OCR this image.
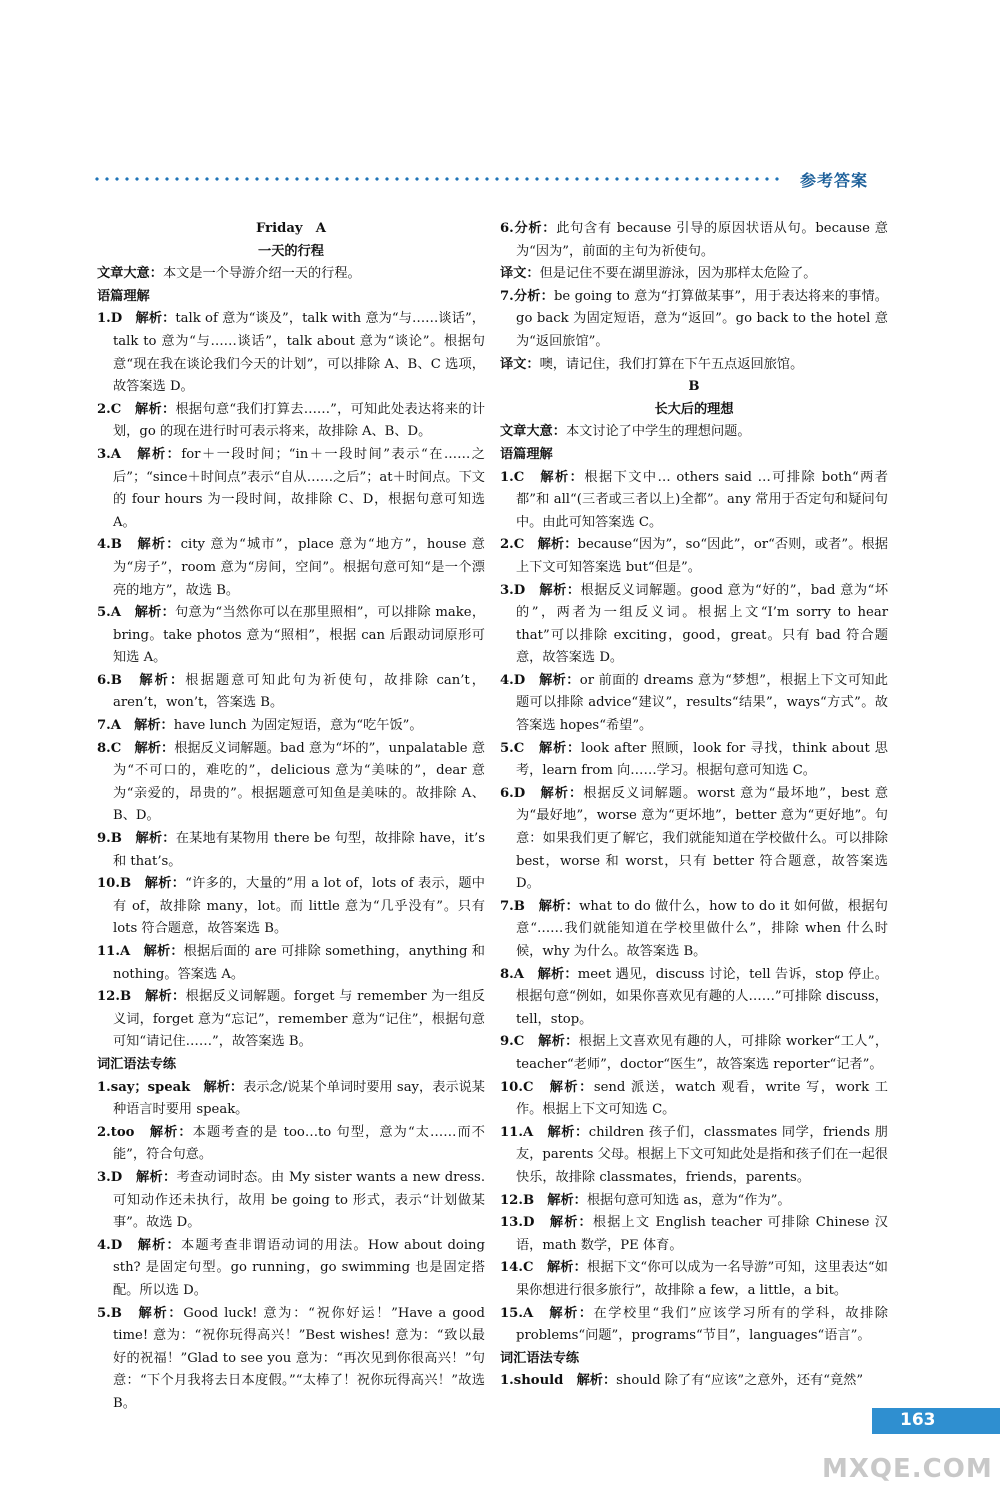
参考答案
Friday　A
一天的行程
文章大意：本文是一个导游介绍一天的行程。
语篇理解
1.D　解析：talk of 意为“谈及”，talk with 意为“与……谈话”，talk to 意为“与……谈话”，talk about 意为“谈论”。根据句意“现在我在谈论我们今天的计划”，可以排除 A、B、C 选项，故答案选 D。
2.C　解析：根据句意“我们打算去……”，可知此处表达将来的计划，go 的现在进行时可表示将来，故排除 A、B、D。
3.A　解析：for＋一段时间；“in＋一段时间”表示“在……之后”；“since＋时间点”表示“自从……之后”；at＋时间点。下文的 four hours 为一段时间，故排除 C、D，根据句意可知选 A。
4.B　解析：city 意为“城市”，place 意为“地方”，house 意为“房子”，room 意为“房间，空间”。根据句意可知“是一个漂亮的地方”，故选 B。
5.A　解析：句意为“当然你可以在那里照相”，可以排除 make，bring。take photos 意为“照相”，根据 can 后跟动词原形可知选 A。
6.B　解析：根据题意可知此句为祈使句，故排除 can’t，aren’t，won’t，答案选 B。
7.A　解析：have lunch 为固定短语，意为“吃午饭”。
8.C　解析：根据反义词解题。bad 意为“坏的”，unpalatable 意为“不可口的，难吃的”，delicious 意为“美味的”，dear 意为“亲爱的，昂贵的”。根据题意可知鱼是美味的。故排除 A、B、D。
9.B　解析：在某地有某物用 there be 句型，故排除 have，it’s 和 that’s。
10.B　解析：“许多的，大量的”用 a lot of，lots of 表示，题中有 of，故排除 many，lot。而 little 意为“几乎没有”。只有 lots 符合题意，故答案选 B。
11.A　解析：根据后面的 are 可排除 something，anything 和 nothing。答案选 A。
12.B　解析：根据反义词解题。forget 与 remember 为一组反义词，forget 意为“忘记”，remember 意为“记住”，根据句意可知“请记住……”，故答案选 B。
词汇语法专练
1.say；speak　解析：表示念/说某个单词时要用 say，表示说某种语言时要用 speak。
2.too　解析：本题考查的是 too…to 句型，意为“太……而不能”，符合句意。
3.D　解析：考查动词时态。由 My sister wants a new dress.可知动作还未执行，故用 be going to 形式，表示“计划做某事”。故选 D。
4.D　解析：本题考查非谓语动词的用法。How about doing sth? 是固定句型。go running，go swimming 也是固定搭配。所以选 D。
5.B　解析：Good luck! 意为：“祝你好运！”Have a good time! 意为：“祝你玩得高兴！”Best wishes! 意为：“致以最好的祝福！”Glad to see you 意为：“再次见到你很高兴！”句意：“下个月我将去日本度假。”“太棒了！祝你玩得高兴！”故选 B。
6.分析：此句含有 because 引导的原因状语从句。because 意为“因为”，前面的主句为祈使句。
译文：但是记住不要在湖里游泳，因为那样太危险了。
7.分析：be going to 意为“打算做某事”，用于表达将来的事情。go back 为固定短语，意为“返回”。go back to the hotel 意为“返回旅馆”。
译文：噢，请记住，我们打算在下午五点返回旅馆。
B
长大后的理想
文章大意：本文讨论了中学生的理想问题。
语篇理解
1.C　解析：根据下文中… others said …可排除 both“两者都”和 all“(三者或三者以上)全都”。any 常用于否定句和疑问句中。由此可知答案选 C。
2.C　解析：because“因为”，so“因此”，or“否则，或者”。根据上下文可知答案选 but“但是”。
3.D　解析：根据反义词解题。good 意为“好的”，bad 意为“坏的”，两者为一组反义词。根据上文“I’m sorry to hear that”可以排除 exciting，good，great。只有 bad 符合题意，故答案选 D。
4.D　解析：or 前面的 dreams 意为“梦想”，根据上下文可知此题可以排除 advice“建议”，results“结果”，ways“方式”。故答案选 hopes“希望”。
5.C　解析：look after 照顾，look for 寻找，think about 思考，learn from 向……学习。根据句意可知选 C。
6.D　解析：根据反义词解题。worst 意为“最坏地”，best 意为“最好地”，worse 意为“更坏地”，better 意为“更好地”。句意：如果我们更了解它，我们就能知道在学校做什么。可以排除 best，worse 和 worst，只有 better 符合题意，故答案选 D。
7.B　解析：what to do 做什么，how to do it 如何做，根据句意“……我们就能知道在学校里做什么”，排除 when 什么时候，why 为什么。故答案选 B。
8.A　解析：meet 遇见，discuss 讨论，tell 告诉，stop 停止。根据句意“例如，如果你喜欢见有趣的人……”可排除 discuss，tell，stop。
9.C　解析：根据上文喜欢见有趣的人，可排除 worker“工人”，teacher“老师”，doctor“医生”，故答案选 reporter“记者”。
10.C　解析：send 派送，watch 观看，write 写，work 工作。根据上下文可知选 C。
11.A　解析：children 孩子们，classmates 同学，friends 朋友，parents 父母。根据上下文可知此处是指和孩子们在一起很快乐，故排除 classmates，friends，parents。
12.B　解析：根据句意可知选 as，意为“作为”。
13.D　解析：根据上文 English teacher 可排除 Chinese 汉语，math 数学，PE 体育。
14.C　解析：根据下文“你可以成为一名导游”可知，这里表达“如果你想进行很多旅行”，故排除 a few，a little，a bit。
15.A　解析：在学校里“我们”应该学习所有的学科，故排除 problems“问题”，programs“节目”，languages“语言”。
词汇语法专练
1.should　解析：should 除了有“应该”之意外，还有“竟然”
163
MXQE.COM
